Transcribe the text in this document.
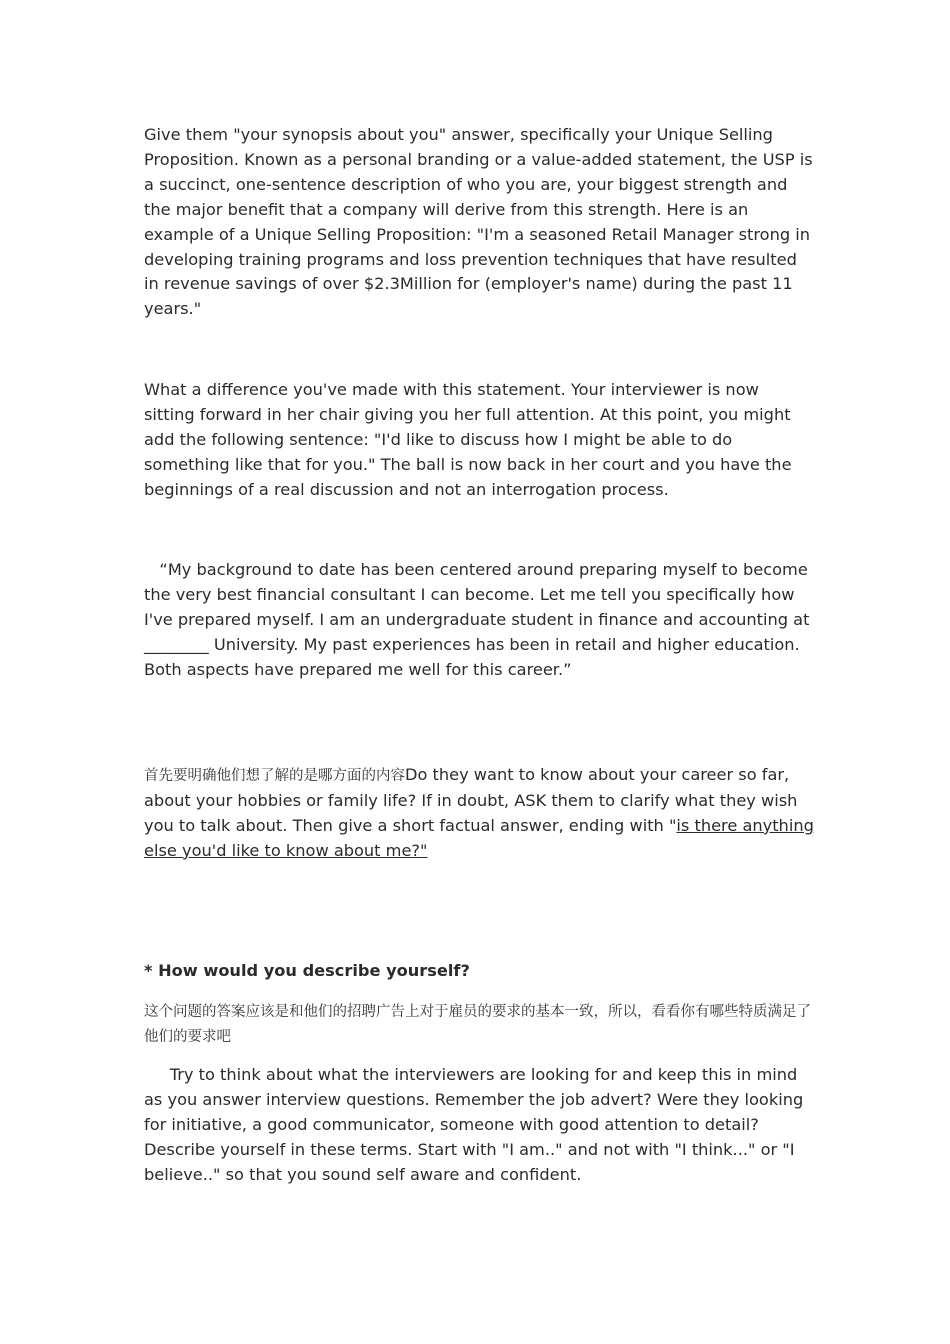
Give them "your synopsis about you" answer, specifically your Unique Selling Proposition. Known as a personal branding or a value-added statement, the USP is a succinct, one-sentence description of who you are, your biggest strength and the major benefit that a company will derive from this strength. Here is an example of a Unique Selling Proposition: "I'm a seasoned Retail Manager strong in developing training programs and loss prevention techniques that have resulted in revenue savings of over $2.3Million for (employer's name) during the past 11 years."

What a difference you've made with this statement. Your interviewer is now sitting forward in her chair giving you her full attention. At this point, you might add the following sentence: "I'd like to discuss how I might be able to do something like that for you." The ball is now back in her court and you have the beginnings of a real discussion and not an interrogation process.

“My background to date has been centered around preparing myself to become the very best financial consultant I can become. Let me tell you specifically how I've prepared myself. I am an undergraduate student in finance and accounting at ________ University. My past experiences has been in retail and higher education. Both aspects have prepared me well for this career.”

首先要明确他们想了解的是哪方面的内容Do they want to know about your career so far, about your hobbies or family life? If in doubt, ASK them to clarify what they wish you to talk about. Then give a short factual answer, ending with "is there anything else you'd like to know about me?"

* How would you describe yourself?

这个问题的答案应该是和他们的招聘广告上对于雇员的要求的基本一致，所以，看看你有哪些特质满足了他们的要求吧

Try to think about what the interviewers are looking for and keep this in mind as you answer interview questions. Remember the job advert? Were they looking for initiative, a good communicator, someone with good attention to detail? Describe yourself in these terms. Start with "I am.." and not with "I think..." or "I believe.." so that you sound self aware and confident.
